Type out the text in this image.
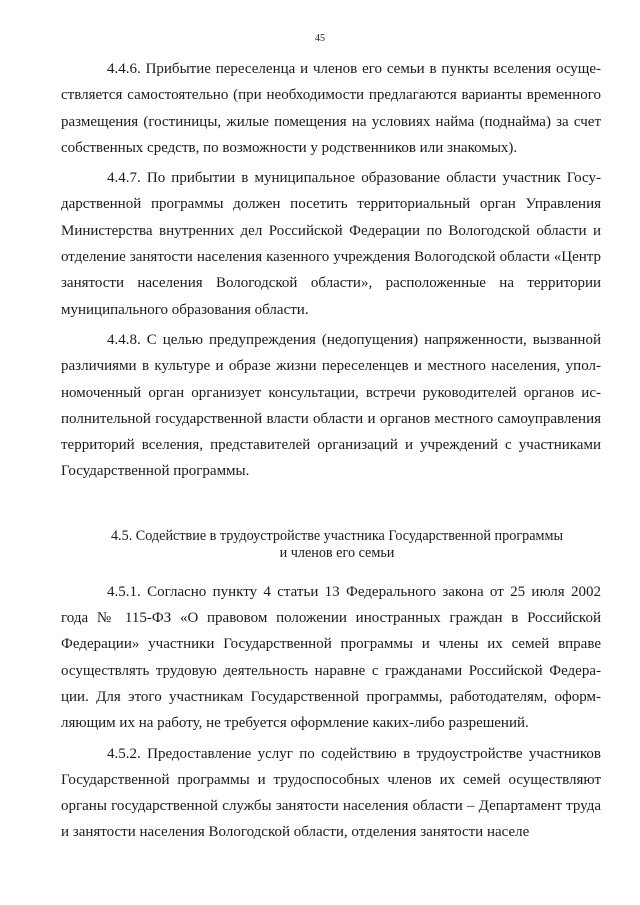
45

4.4.6. Прибытие переселенца и членов его семьи в пункты вселения осуществляется самостоятельно (при необходимости предлагаются варианты временного размещения (гостиницы, жилые помещения на условиях найма (поднайма) за счет собственных средств, по возможности у родственников или знакомых).

4.4.7. По прибытии в муниципальное образование области участник Государственной программы должен посетить территориальный орган Управления Министерства внутренних дел Российской Федерации по Вологодской области и отделение занятости населения казенного учреждения Вологодской области «Центр занятости населения Вологодской области», расположенные на территории муниципального образования области.

4.4.8. С целью предупреждения (недопущения) напряженности, вызванной различиями в культуре и образе жизни переселенцев и местного населения, уполномоченный орган организует консультации, встречи руководителей органов исполнительной государственной власти области и органов местного самоуправления территорий вселения, представителей организаций и учреждений с участниками Государственной программы.

4.5. Содействие в трудоустройстве участника Государственной программы

и членов его семьи

4.5.1. Согласно пункту 4 статьи 13 Федерального закона от 25 июля 2002 года № 115-ФЗ «О правовом положении иностранных граждан в Российской Федерации» участники Государственной программы и члены их семей вправе осуществлять трудовую деятельность наравне с гражданами Российской Федерации. Для этого участникам Государственной программы, работодателям, оформляющим их на работу, не требуется оформление каких-либо разрешений.

4.5.2. Предоставление услуг по содействию в трудоустройстве участников Государственной программы и трудоспособных членов их семей осуществляют органы государственной службы занятости населения области – Департамент труда и занятости населения Вологодской области, отделения занятости населе
